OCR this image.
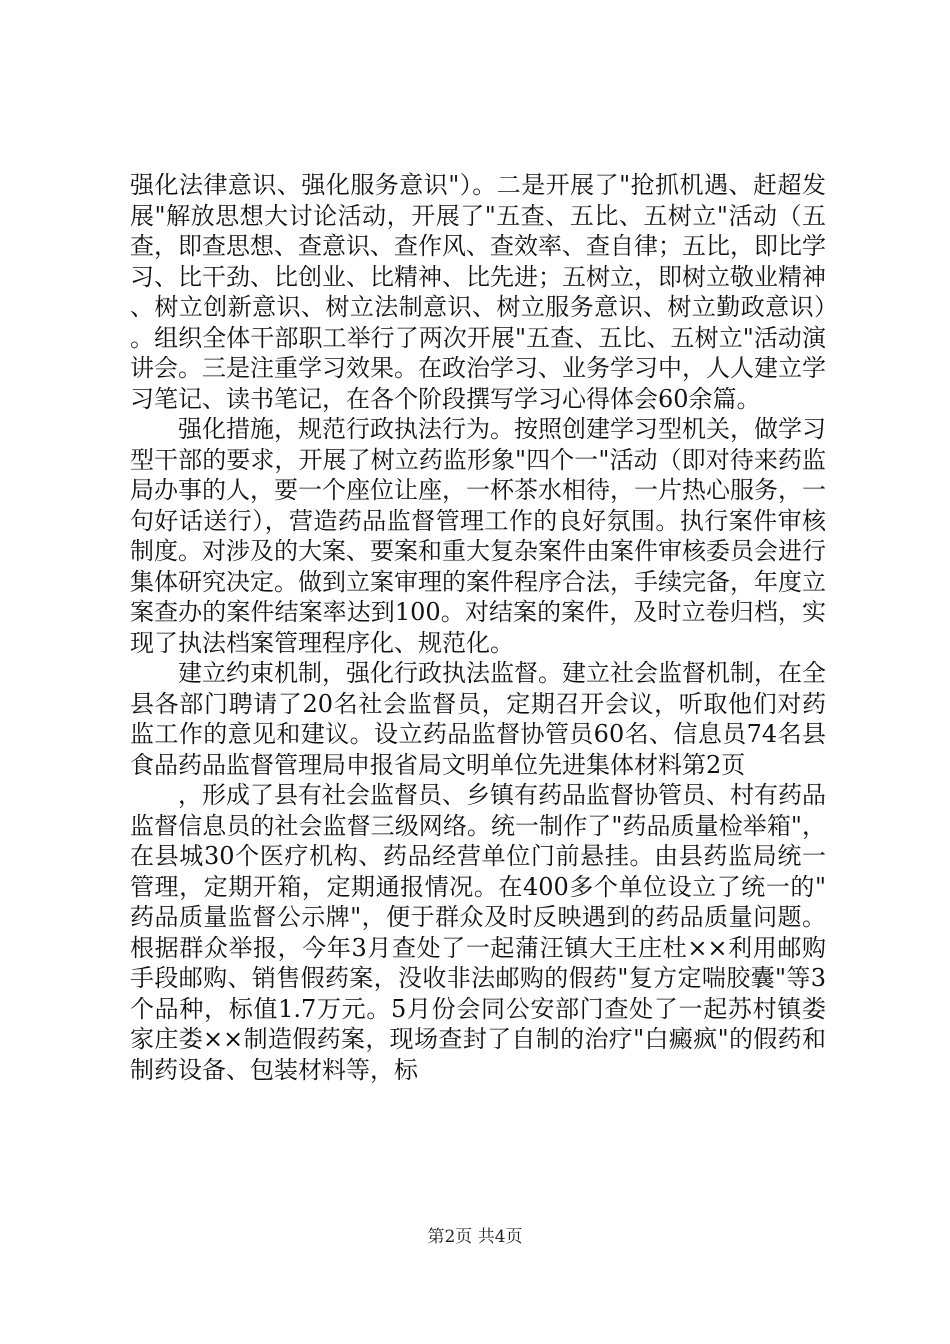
强化法律意识、强化服务意识"）。二是开展了"抢抓机遇、赶超发展"解放思想大讨论活动，开展了"五查、五比、五树立"活动（五查，即查思想、查意识、查作风、查效率、查自律；五比，即比学习、比干劲、比创业、比精神、比先进；五树立，即树立敬业精神、树立创新意识、树立法制意识、树立服务意识、树立勤政意识）。组织全体干部职工举行了两次开展"五查、五比、五树立"活动演讲会。三是注重学习效果。在政治学习、业务学习中，人人建立学习笔记、读书笔记，在各个阶段撰写学习心得体会60余篇。

强化措施，规范行政执法行为。按照创建学习型机关，做学习型干部的要求，开展了树立药监形象"四个一"活动（即对待来药监局办事的人，要一个座位让座，一杯茶水相待，一片热心服务，一句好话送行），营造药品监督管理工作的良好氛围。执行案件审核制度。对涉及的大案、要案和重大复杂案件由案件审核委员会进行集体研究决定。做到立案审理的案件程序合法，手续完备，年度立案查办的案件结案率达到100。对结案的案件，及时立卷归档，实现了执法档案管理程序化、规范化。

建立约束机制，强化行政执法监督。建立社会监督机制，在全县各部门聘请了20名社会监督员，定期召开会议，听取他们对药监工作的意见和建议。设立药品监督协管员60名、信息员74名县食品药品监督管理局申报省局文明单位先进集体材料第2页

，形成了县有社会监督员、乡镇有药品监督协管员、村有药品监督信息员的社会监督三级网络。统一制作了"药品质量检举箱"，在县城30个医疗机构、药品经营单位门前悬挂。由县药监局统一管理，定期开箱，定期通报情况。在400多个单位设立了统一的"药品质量监督公示牌"，便于群众及时反映遇到的药品质量问题。根据群众举报，今年3月查处了一起蒲汪镇大王庄杜××利用邮购手段邮购、销售假药案，没收非法邮购的假药"复方定喘胶囊"等3个品种，标值1.7万元。5月份会同公安部门查处了一起苏村镇娄家庄娄××制造假药案，现场查封了自制的治疗"白癜疯"的假药和制药设备、包装材料等，标

第2页 共4页
